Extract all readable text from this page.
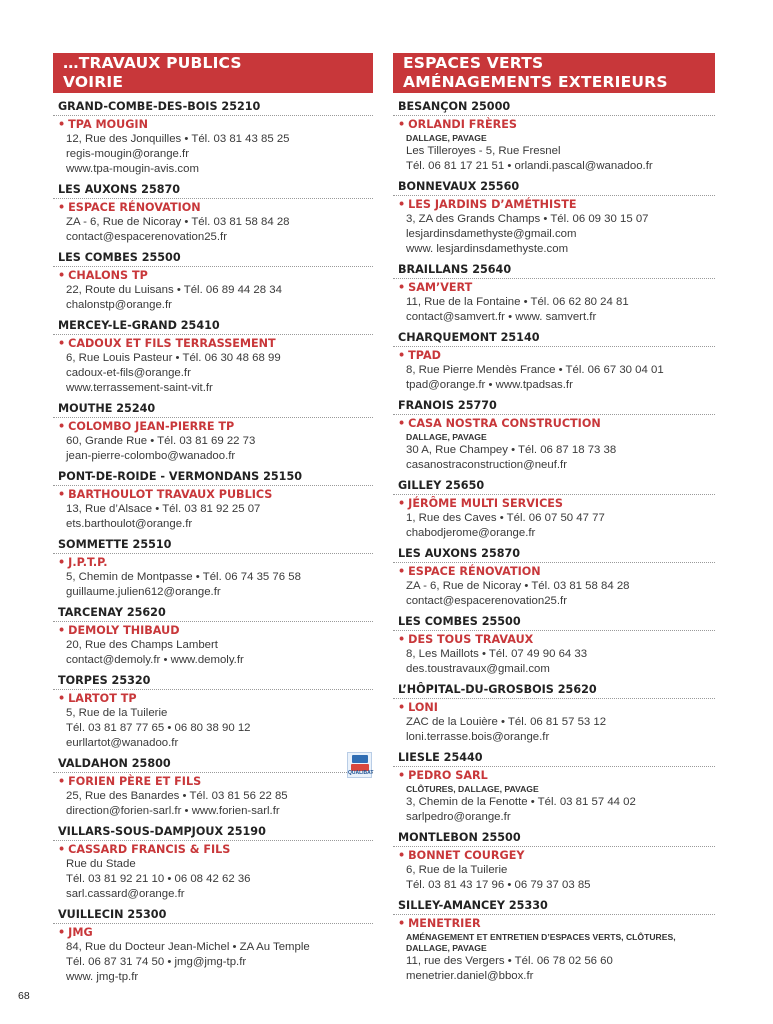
…TRAVAUX PUBLICS
VOIRIE
GRAND-COMBE-DES-BOIS 25210
• TPA MOUGIN
12, Rue des Jonquilles • Tél. 03 81 43 85 25
regis-mougin@orange.fr
www.tpa-mougin-avis.com
LES AUXONS 25870
• ESPACE RÉNOVATION
ZA - 6, Rue de Nicoray • Tél. 03 81 58 84 28
contact@espacerenovation25.fr
LES COMBES 25500
• CHALONS TP
22, Route du Luisans • Tél. 06 89 44 28 34
chalonstp@orange.fr
MERCEY-LE-GRAND 25410
• CADOUX ET FILS TERRASSEMENT
6, Rue Louis Pasteur • Tél. 06 30 48 68 99
cadoux-et-fils@orange.fr
www.terrassement-saint-vit.fr
MOUTHE 25240
• COLOMBO JEAN-PIERRE TP
60, Grande Rue • Tél. 03 81 69 22 73
jean-pierre-colombo@wanadoo.fr
PONT-DE-ROIDE - VERMONDANS 25150
• BARTHOULOT TRAVAUX PUBLICS
13, Rue d’Alsace • Tél. 03 81 92 25 07
ets.barthoulot@orange.fr
SOMMETTE 25510
• J.P.T.P.
5, Chemin de Montpasse • Tél. 06 74 35 76 58
guillaume.julien612@orange.fr
TARCENAY 25620
• DEMOLY THIBAUD
20, Rue des Champs Lambert
contact@demoly.fr • www.demoly.fr
TORPES 25320
• LARTOT TP
5, Rue de la Tuilerie
Tél. 03 81 87 77 65 • 06 80 38 90 12
eurllartot@wanadoo.fr
VALDAHON 25800
• FORIEN PÈRE ET FILS
25, Rue des Banardes • Tél. 03 81 56 22 85
direction@forien-sarl.fr • www.forien-sarl.fr
VILLARS-SOUS-DAMPJOUX 25190
• CASSARD FRANCIS & FILS
Rue du Stade
Tél. 03 81 92 21 10 • 06 08 42 62 36
sarl.cassard@orange.fr
VUILLECIN 25300
• JMG
84, Rue du Docteur Jean-Michel • ZA Au Temple
Tél. 06 87 31 74 50 • jmg@jmg-tp.fr
www. jmg-tp.fr
ESPACES VERTS
AMÉNAGEMENTS EXTERIEURS
BESANÇON 25000
• ORLANDI FRÈRES
DALLAGE, PAVAGE
Les Tilleroyes - 5, Rue Fresnel
Tél. 06 81 17 21 51 • orlandi.pascal@wanadoo.fr
BONNEVAUX 25560
• LES JARDINS D’AMÉTHISTE
3, ZA des Grands Champs • Tél. 06 09 30 15 07
lesjardinsdamethyste@gmail.com
www. lesjardinsdamethyste.com
BRAILLANS 25640
• SAM’VERT
11, Rue de la Fontaine • Tél. 06 62 80 24 81
contact@samvert.fr • www. samvert.fr
CHARQUEMONT 25140
• TPAD
8, Rue Pierre Mendès France • Tél. 06 67 30 04 01
tpad@orange.fr • www.tpadsas.fr
FRANOIS 25770
• CASA NOSTRA CONSTRUCTION
DALLAGE, PAVAGE
30 A, Rue Champey • Tél. 06 87 18 73 38
casanostraconstruction@neuf.fr
GILLEY 25650
• JÉRÔME MULTI SERVICES
1, Rue des Caves • Tél. 06 07 50 47 77
chabodjerome@orange.fr
LES AUXONS 25870
• ESPACE RÉNOVATION
ZA - 6, Rue de Nicoray • Tél. 03 81 58 84 28
contact@espacerenovation25.fr
LES COMBES 25500
• DES TOUS TRAVAUX
8, Les Maillots • Tél. 07 49 90 64 33
des.toustravaux@gmail.com
L’HÔPITAL-DU-GROSBOIS 25620
• LONI
ZAC de la Louière • Tél. 06 81 57 53 12
loni.terrasse.bois@orange.fr
LIESLE 25440
• PEDRO SARL
CLÔTURES, DALLAGE, PAVAGE
3, Chemin de la Fenotte • Tél. 03 81 57 44 02
sarlpedro@orange.fr
MONTLEBON 25500
• BONNET COURGEY
6, Rue de la Tuilerie
Tél. 03 81 43 17 96 • 06 79 37 03 85
SILLEY-AMANCEY 25330
• MENETRIER
AMÉNAGEMENT ET ENTRETIEN D’ESPACES VERTS, CLÔTURES, DALLAGE, PAVAGE
11, rue des Vergers • Tél. 06 78 02 56 60
menetrier.daniel@bbox.fr
QUALIBAT
68
